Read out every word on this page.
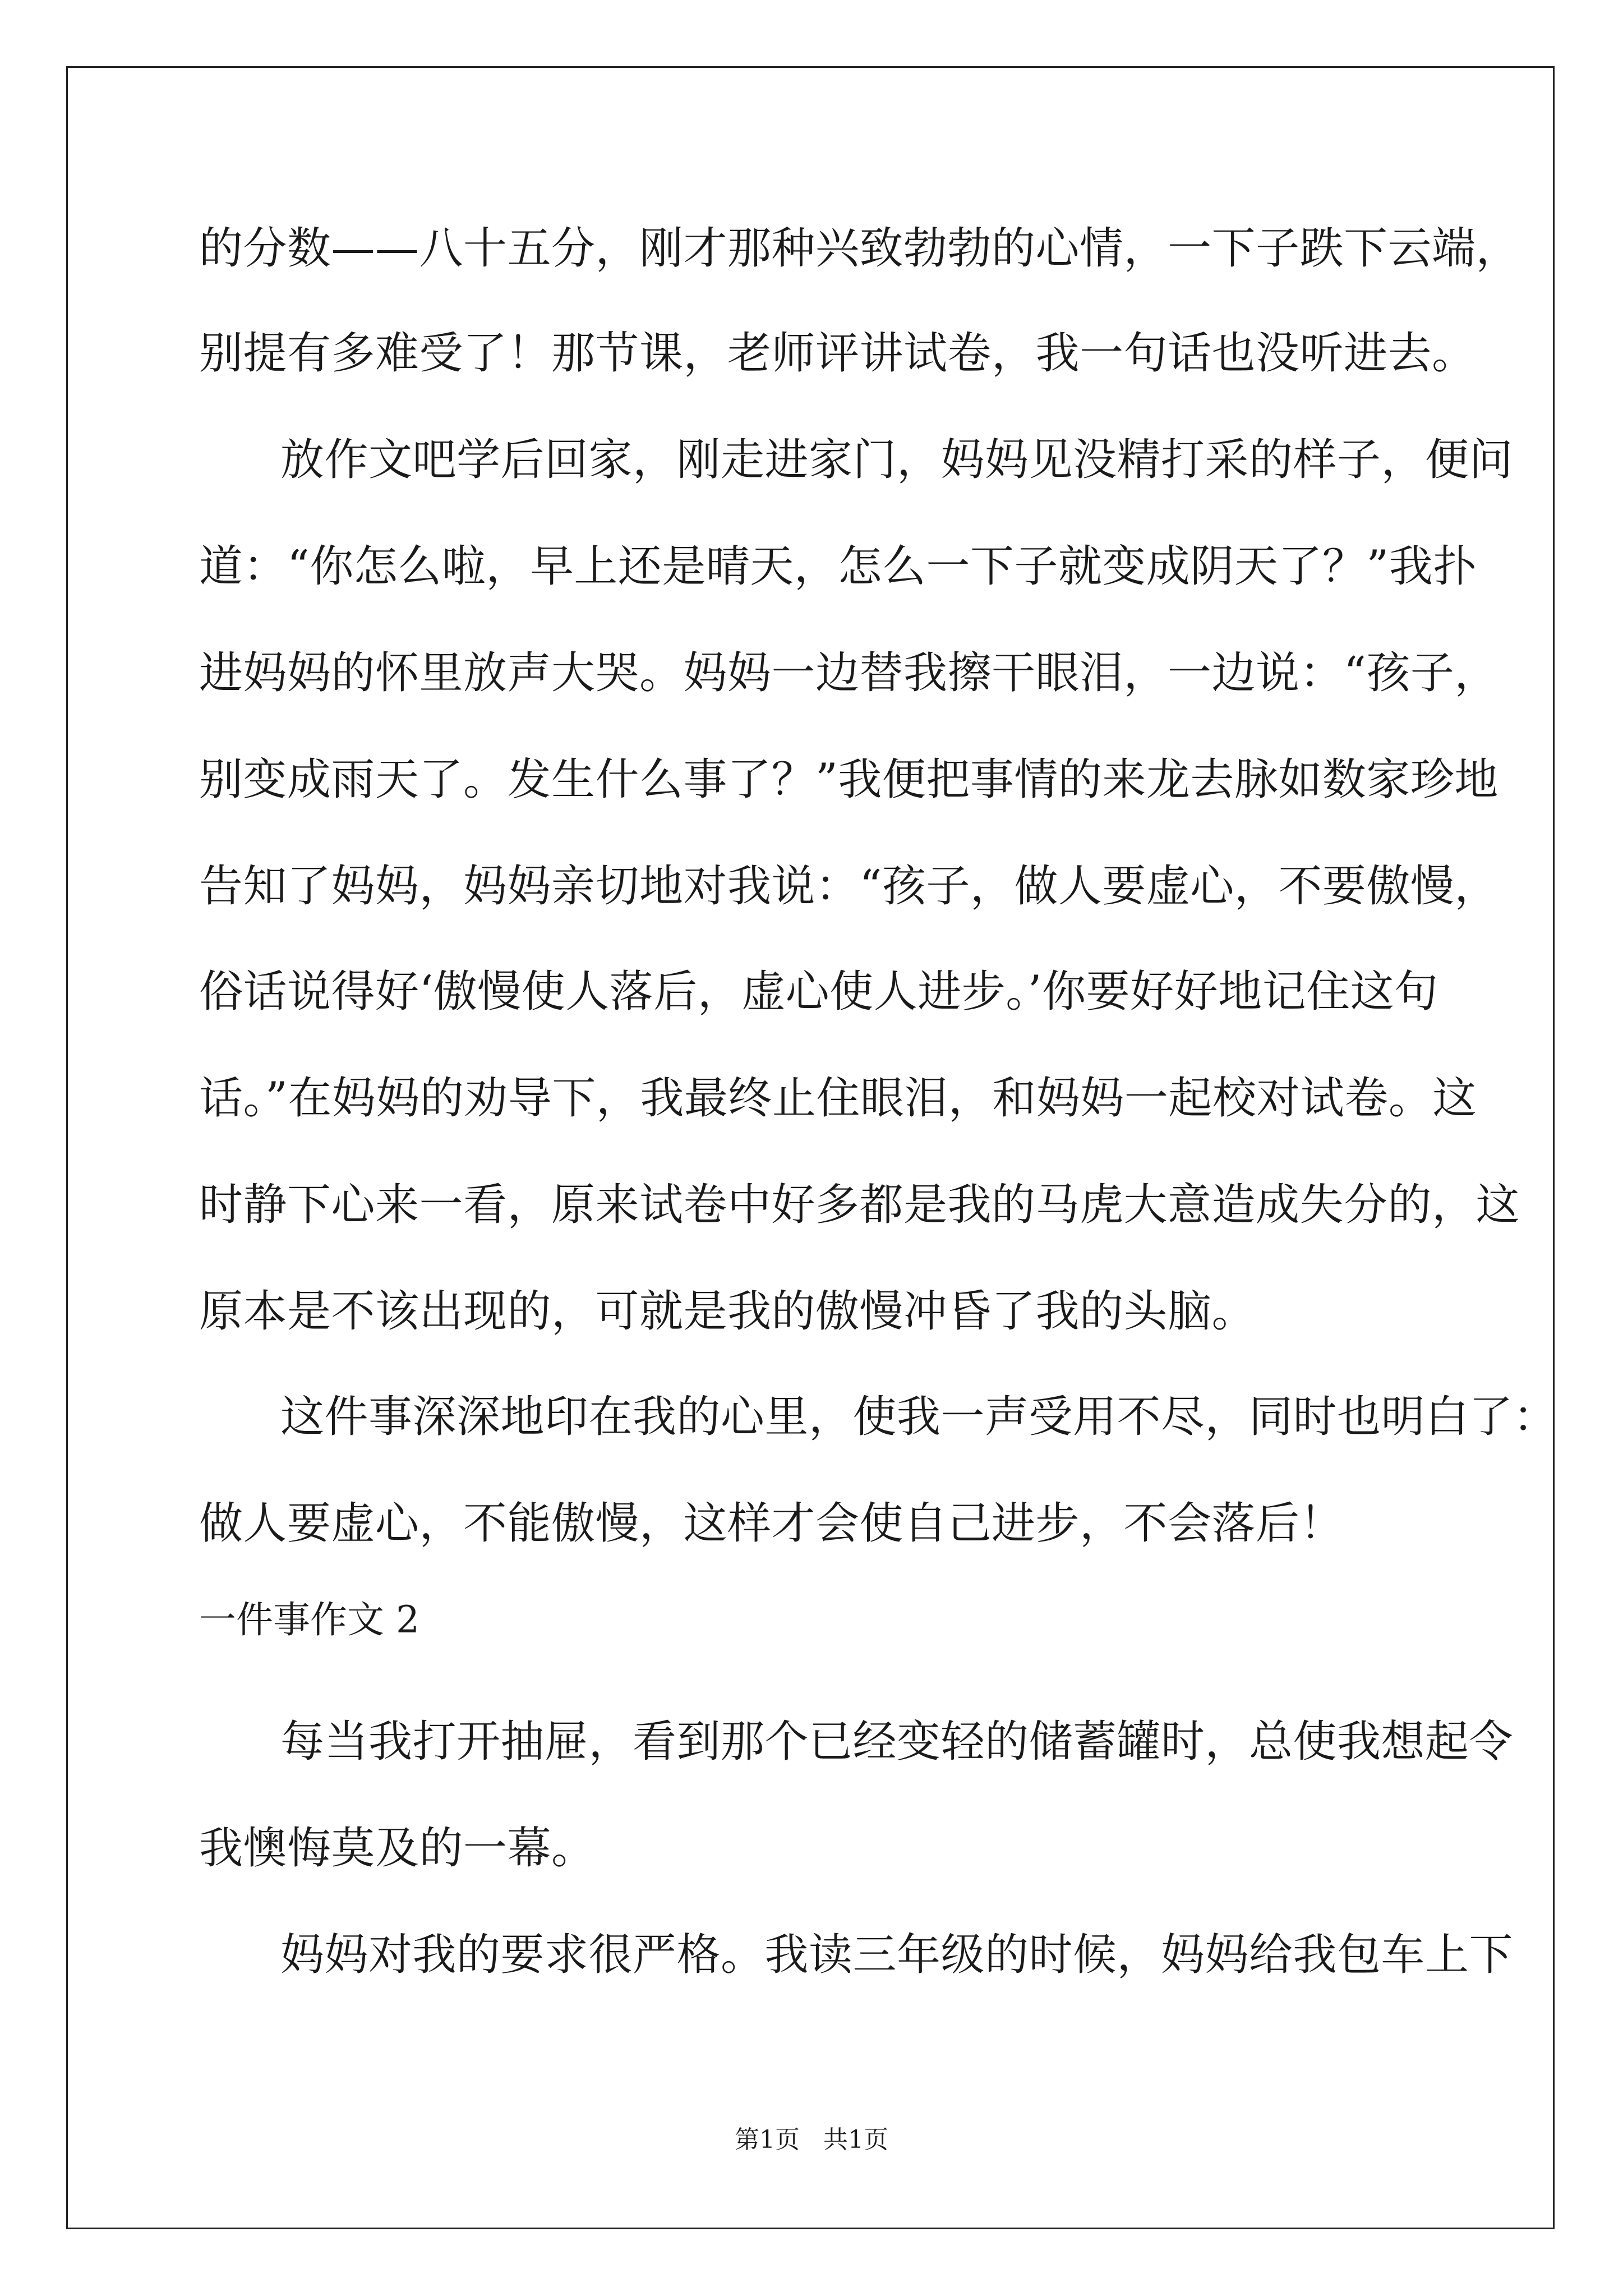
的分数——八十五分，刚才那种兴致勃勃的心情，一下子跌下云端，
别提有多难受了！那节课，老师评讲试卷，我一句话也没听进去。
放作文吧学后回家，刚走进家门，妈妈见没精打采的样子，便问
道：“你怎么啦，早上还是晴天，怎么一下子就变成阴天了？”我扑
进妈妈的怀里放声大哭。妈妈一边替我擦干眼泪，一边说：“孩子，
别变成雨天了。发生什么事了？”我便把事情的来龙去脉如数家珍地
告知了妈妈，妈妈亲切地对我说：“孩子，做人要虚心，不要傲慢，
俗话说得好‘傲慢使人落后，虚心使人进步。’你要好好地记住这句
话。”在妈妈的劝导下，我最终止住眼泪，和妈妈一起校对试卷。这
时静下心来一看，原来试卷中好多都是我的马虎大意造成失分的，这
原本是不该出现的，可就是我的傲慢冲昏了我的头脑。
这件事深深地印在我的心里，使我一声受用不尽，同时也明白了：
做人要虚心，不能傲慢，这样才会使自己进步，不会落后！
一件事作文 2
每当我打开抽屉，看到那个已经变轻的储蓄罐时，总使我想起令
我懊悔莫及的一幕。
妈妈对我的要求很严格。我读三年级的时候，妈妈给我包车上下
第1页   共1页
